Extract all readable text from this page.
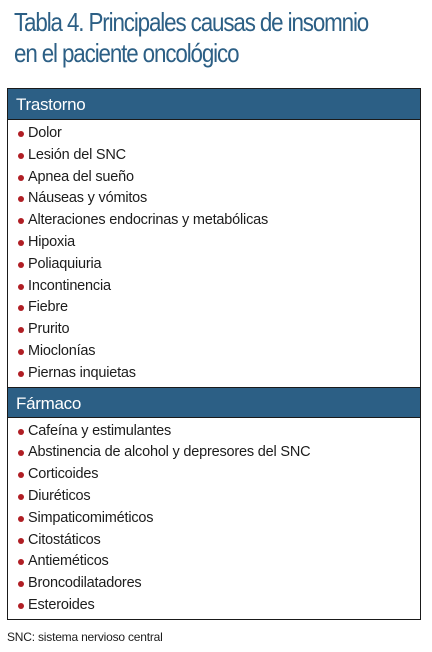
Tabla 4. Principales causas de insomnio
en el paciente oncológico
Trastorno
Dolor
Lesión del SNC
Apnea del sueño
Náuseas y vómitos
Alteraciones endocrinas y metabólicas
Hipoxia
Poliaquiuria
Incontinencia
Fiebre
Prurito
Mioclonías
Piernas inquietas
Fármaco
Cafeína y estimulantes
Abstinencia de alcohol y depresores del SNC
Corticoides
Diuréticos
Simpaticomiméticos
Citostáticos
Antieméticos
Broncodilatadores
Esteroides
SNC: sistema nervioso central
